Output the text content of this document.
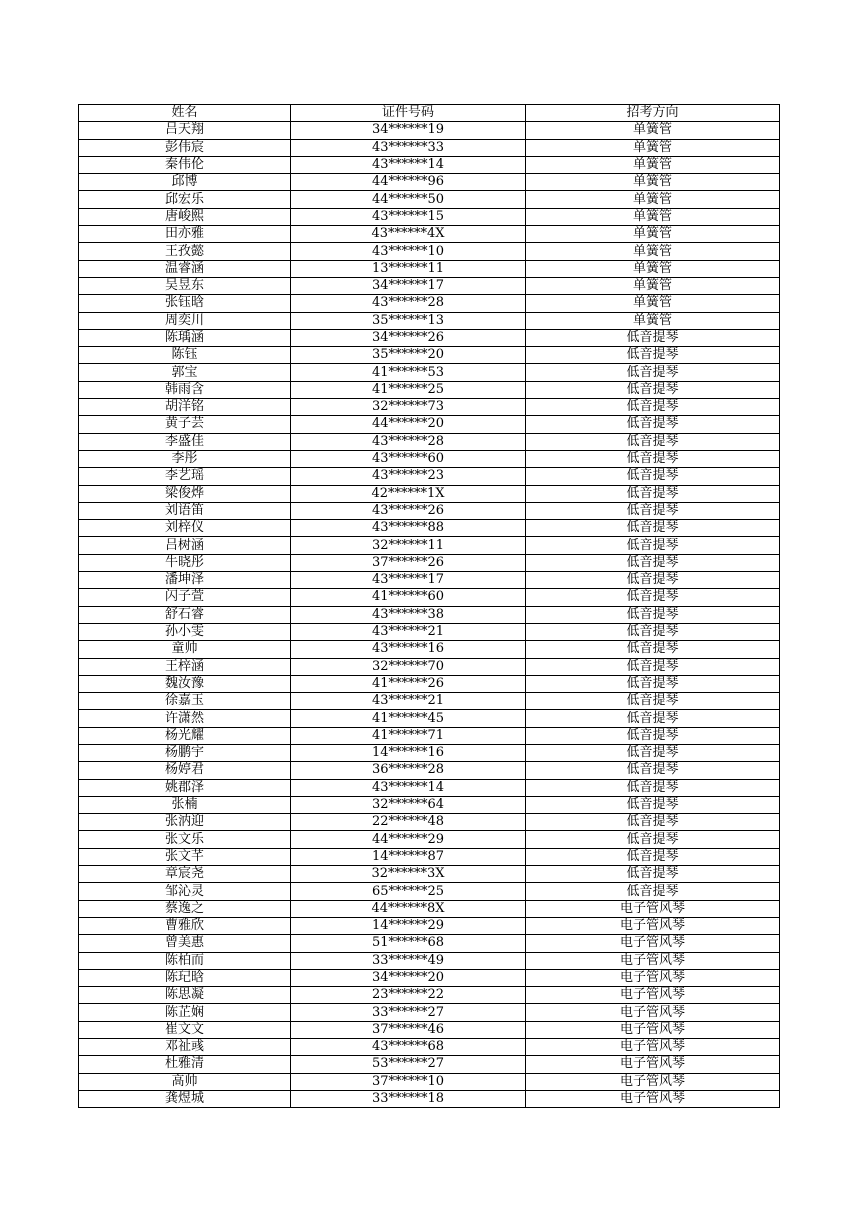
姓名	证件号码	招考方向
吕天翔	34******19	单簧管
彭伟宸	43******33	单簧管
秦伟伦	43******14	单簧管
邱博	44******96	单簧管
邱宏乐	44******50	单簧管
唐峻熙	43******15	单簧管
田亦雅	43******4X	单簧管
王孜懿	43******10	单簧管
温睿涵	13******11	单簧管
吴昱东	34******17	单簧管
张钰晗	43******28	单簧管
周奕川	35******13	单簧管
陈瑀涵	34******26	低音提琴
陈钰	35******20	低音提琴
郭宝	41******53	低音提琴
韩雨含	41******25	低音提琴
胡洋铭	32******73	低音提琴
黄子芸	44******20	低音提琴
李盛佳	43******28	低音提琴
李彤	43******60	低音提琴
李艺瑶	43******23	低音提琴
梁俊烨	42******1X	低音提琴
刘语笛	43******26	低音提琴
刘梓仪	43******88	低音提琴
吕树涵	32******11	低音提琴
牛晓彤	37******26	低音提琴
潘坤泽	43******17	低音提琴
闪子萱	41******60	低音提琴
舒石睿	43******38	低音提琴
孙小雯	43******21	低音提琴
童帅	43******16	低音提琴
王梓涵	32******70	低音提琴
魏汝豫	41******26	低音提琴
徐嘉玉	43******21	低音提琴
许潇然	41******45	低音提琴
杨光耀	41******71	低音提琴
杨鹏宇	14******16	低音提琴
杨婷君	36******28	低音提琴
姚郡泽	43******14	低音提琴
张楠	32******64	低音提琴
张汭迎	22******48	低音提琴
张文乐	44******29	低音提琴
张文芊	14******87	低音提琴
章宸尧	32******3X	低音提琴
邹沁灵	65******25	低音提琴
蔡逸之	44******8X	电子管风琴
曹雅欣	14******29	电子管风琴
曾美惠	51******68	电子管风琴
陈柏而	33******49	电子管风琴
陈玘晗	34******20	电子管风琴
陈思凝	23******22	电子管风琴
陈芷娴	33******27	电子管风琴
崔文文	37******46	电子管风琴
邓祉彧	43******68	电子管风琴
杜雅清	53******27	电子管风琴
高帅	37******10	电子管风琴
龚煜城	33******18	电子管风琴
